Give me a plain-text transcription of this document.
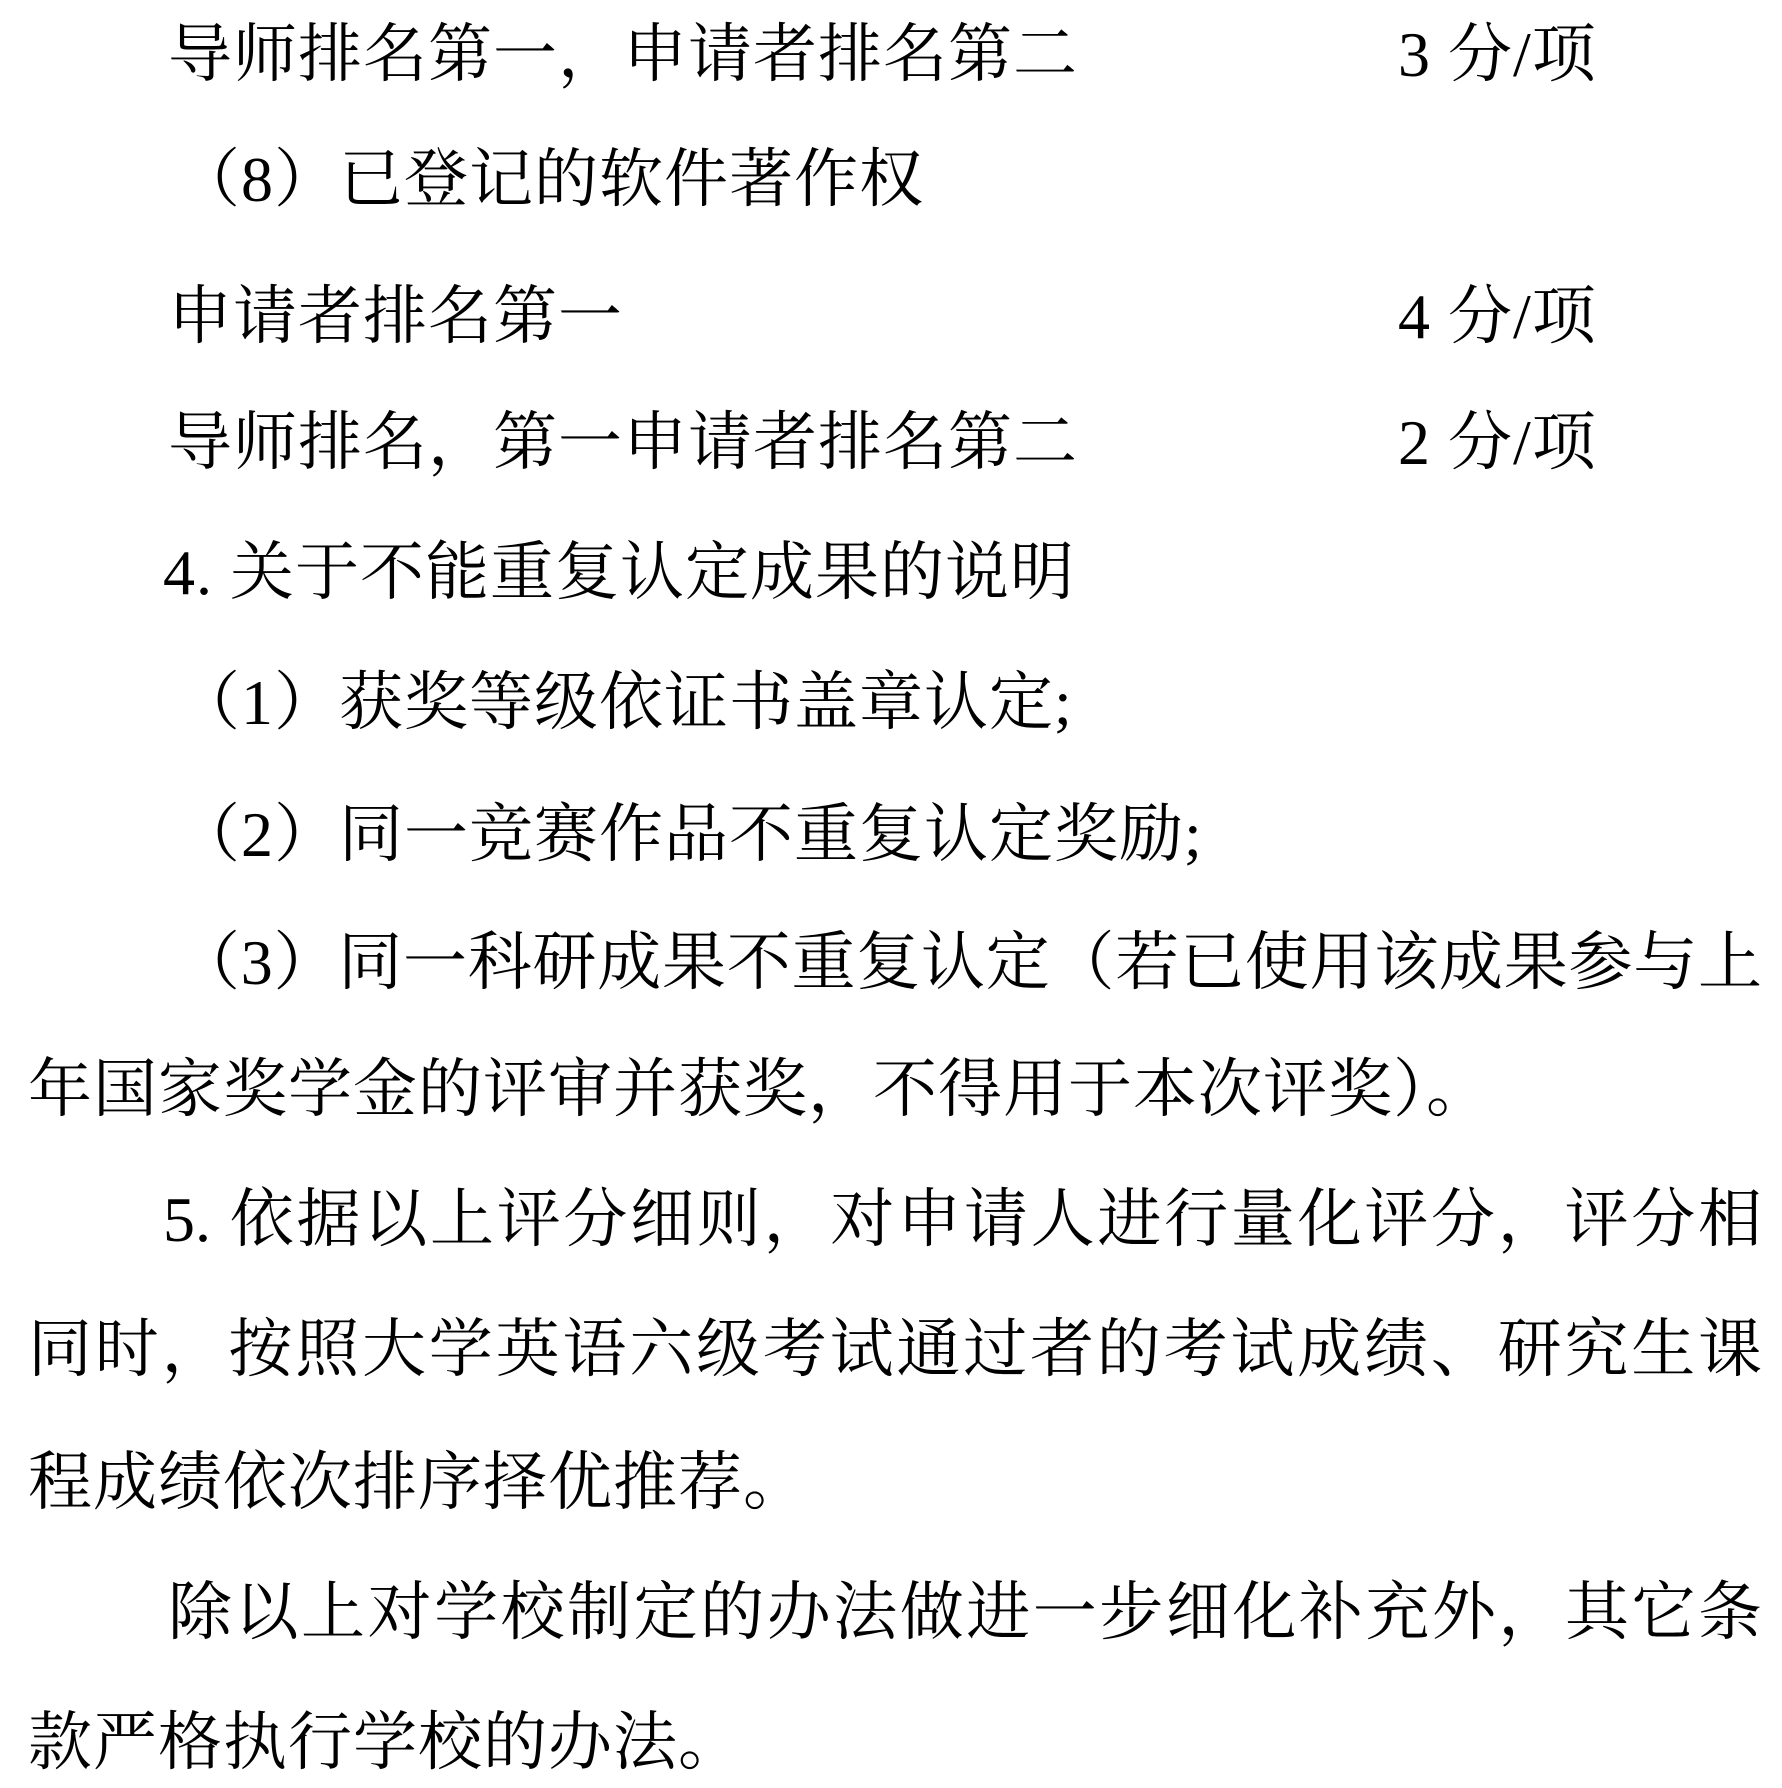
导师排名第一，申请者排名第二	3 分/项
（8）已登记的软件著作权
申请者排名第一	4 分/项
导师排名，第一申请者排名第二	2 分/项
4. 关于不能重复认定成果的说明
（1）获奖等级依证书盖章认定;
（2）同一竞赛作品不重复认定奖励;
（3）同一科研成果不重复认定（若已使用该成果参与上
年国家奖学金的评审并获奖，不得用于本次评奖）。
5. 依据以上评分细则，对申请人进行量化评分，评分相
同时，按照大学英语六级考试通过者的考试成绩、研究生课
程成绩依次排序择优推荐。
除以上对学校制定的办法做进一步细化补充外，其它条
款严格执行学校的办法。
